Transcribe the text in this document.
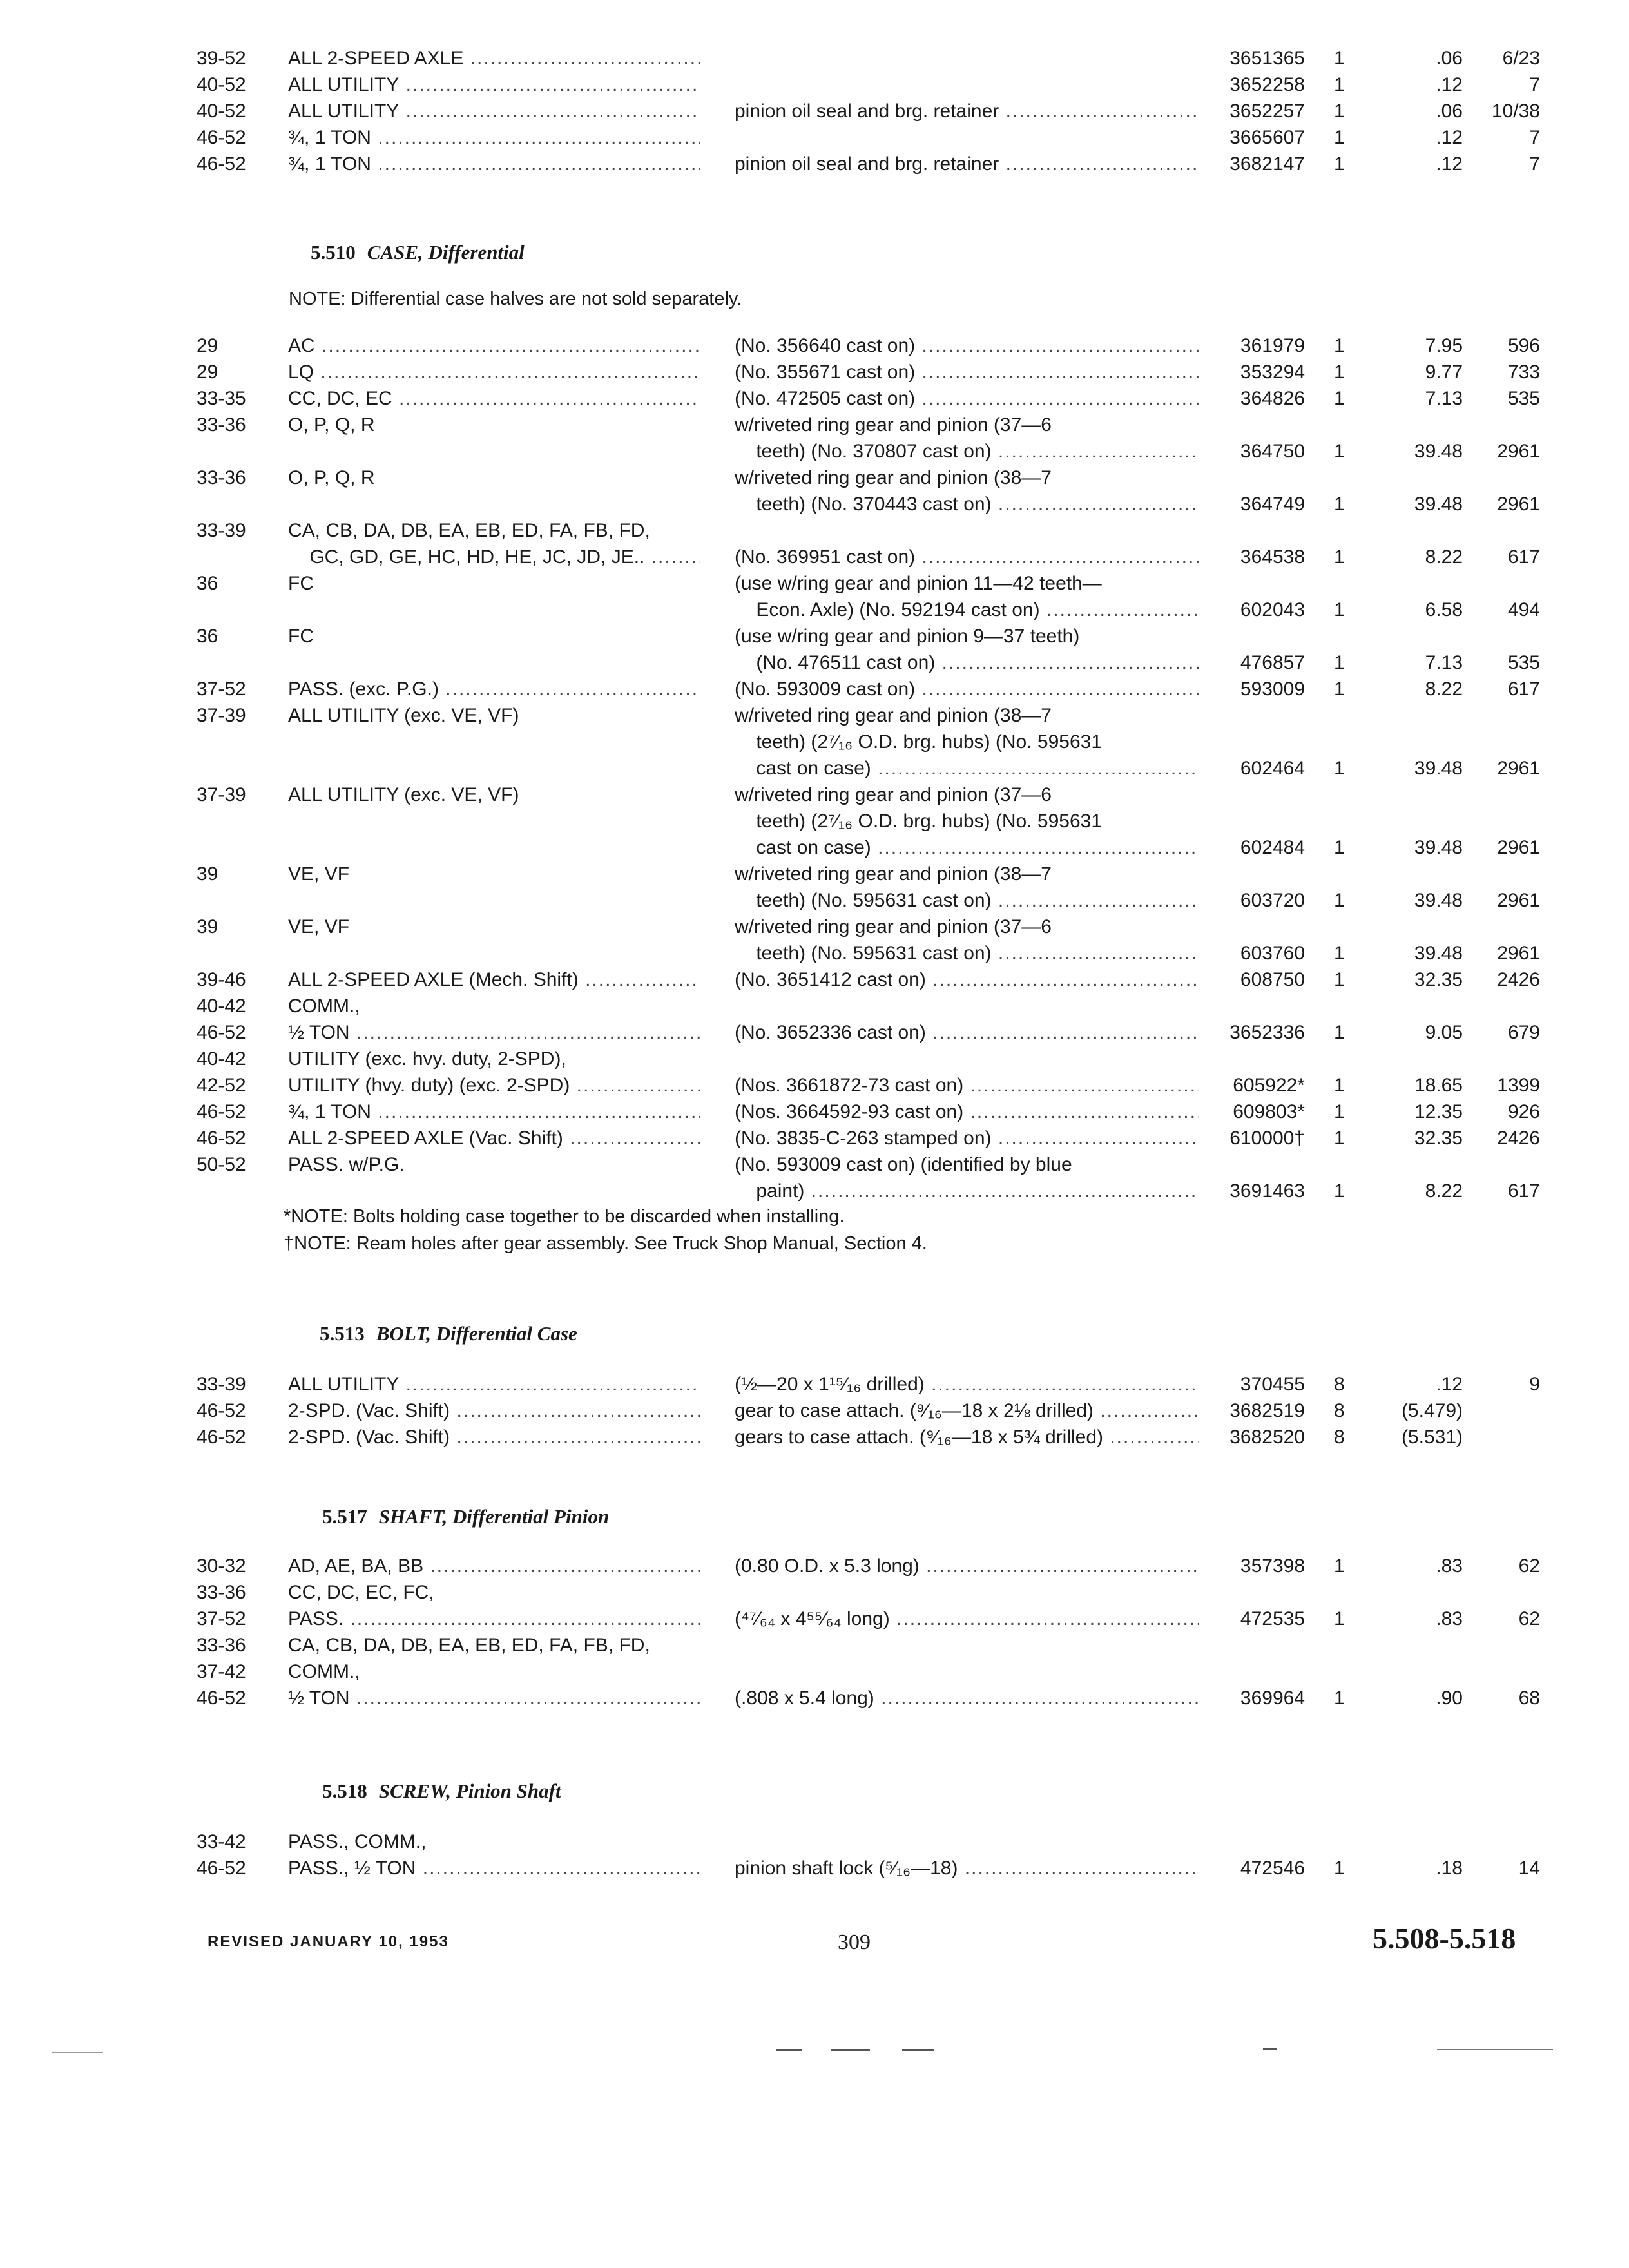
5.510 CASE, Differential
NOTE: Differential case halves are not sold separately.
*NOTE: Bolts holding case together to be discarded when installing.
†NOTE: Ream holes after gear assembly. See Truck Shop Manual, Section 4.
5.513 BOLT, Differential Case
5.517 SHAFT, Differential Pinion
5.518 SCREW, Pinion Shaft
39-52	ALL 2-SPEED AXLE .....	3651365 1	.06	6/23
40-52	ALL UTILITY .....	3652258 1	.12	7
40-52	ALL UTILITY .....	pinion oil seal and brg. retainer .....	3652257 1	.06	10/38
46-52	¾, 1 TON .....	3665607 1	.12	7
46-52	¾, 1 TON .....	pinion oil seal and brg. retainer .....	3682147 1	.12	7
29	AC .....	(No. 356640 cast on) .....	361979 1	7.95	596
29	LQ .....	(No. 355671 cast on) .....	353294 1	9.77	733
33-35	CC, DC, EC .....	(No. 472505 cast on) .....	364826 1	7.13	535
33-36	O, P, Q, R	w/riveted ring gear and pinion (37—6
teeth) (No. 370807 cast on) .....	364750 1	39.48	2961
33-36	O, P, Q, R	w/riveted ring gear and pinion (38—7
teeth) (No. 370443 cast on) .....	364749 1	39.48	2961
33-39	CA, CB, DA, DB, EA, EB, ED, FA, FB, FD,
GC, GD, GE, HC, HD, HE, JC, JD, JE.. .....	(No. 369951 cast on) .....	364538 1	8.22	617
36	FC	(use w/ring gear and pinion 11—42 teeth—
Econ. Axle) (No. 592194 cast on) .....	602043 1	6.58	494
36	FC	(use w/ring gear and pinion 9—37 teeth)
(No. 476511 cast on) .....	476857 1	7.13	535
37-52	PASS. (exc. P.G.) .....	(No. 593009 cast on) .....	593009 1	8.22	617
37-39	ALL UTILITY (exc. VE, VF)	w/riveted ring gear and pinion (38—7
teeth) (2⁷⁄₁₆ O.D. brg. hubs) (No. 595631
cast on case) .....	602464 1	39.48	2961
37-39	ALL UTILITY (exc. VE, VF)	w/riveted ring gear and pinion (37—6
teeth) (2⁷⁄₁₆ O.D. brg. hubs) (No. 595631
cast on case) .....	602484 1	39.48	2961
39	VE, VF	w/riveted ring gear and pinion (38—7
teeth) (No. 595631 cast on) .....	603720 1	39.48	2961
39	VE, VF	w/riveted ring gear and pinion (37—6
teeth) (No. 595631 cast on) .....	603760 1	39.48	2961
39-46	ALL 2-SPEED AXLE (Mech. Shift) .....	(No. 3651412 cast on) .....	608750 1	32.35	2426
40-42	COMM.,
46-52	½ TON .....	(No. 3652336 cast on) .....	3652336 1	9.05	679
40-42	UTILITY (exc. hvy. duty, 2-SPD),
42-52	UTILITY (hvy. duty) (exc. 2-SPD) .....	(Nos. 3661872-73 cast on) .....	605922* 1	18.65	1399
46-52	¾, 1 TON .....	(Nos. 3664592-93 cast on) .....	609803* 1	12.35	926
46-52	ALL 2-SPEED AXLE (Vac. Shift) .....	(No. 3835-C-263 stamped on) .....	610000† 1	32.35	2426
50-52	PASS. w/P.G.	(No. 593009 cast on) (identified by blue
paint) .....	3691463 1	8.22	617
33-39	ALL UTILITY .....	(½—20 x 1¹⁵⁄₁₆ drilled) .....	370455 8	.12	9
46-52	2-SPD. (Vac. Shift) .....	gear to case attach. (⁹⁄₁₆—18 x 2⅛ drilled) .....	3682519 8	(5.479)
46-52	2-SPD. (Vac. Shift) .....	gears to case attach. (⁹⁄₁₆—18 x 5¾ drilled) .....	3682520 8	(5.531)
30-32	AD, AE, BA, BB .....	(0.80 O.D. x 5.3 long) .....	357398 1	.83	62
33-36	CC, DC, EC, FC,
37-52	PASS. .....	(⁴⁷⁄₆₄ x 4⁵⁵⁄₆₄ long) .....	472535 1	.83	62
33-36	CA, CB, DA, DB, EA, EB, ED, FA, FB, FD,
37-42	COMM.,
46-52	½ TON .....	(.808 x 5.4 long) .....	369964 1	.90	68
33-42	PASS., COMM.,
46-52	PASS., ½ TON .....	pinion shaft lock (⁵⁄₁₆—18) .....	472546 1	.18	14
REVISED JANUARY 10, 1953	309	5.508-5.518
